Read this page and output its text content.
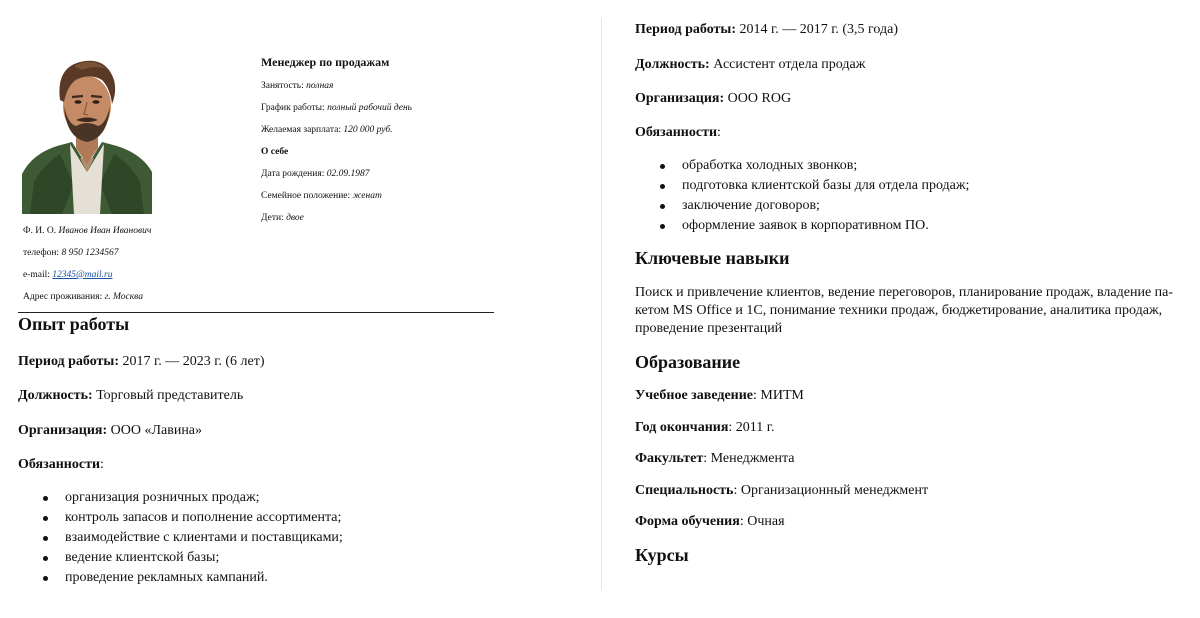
Менеджер по продажам
Занятость: полная
График работы: полный рабочий день
Желаемая зарплата: 120 000 руб.
О себе
Дата рождения: 02.09.1987
Семейное положение: женат
Дети: двое
Ф. И. О. Иванов Иван Иванович
телефон: 8 950 1234567
e-mail: 12345@mail.ru
Адрес проживания: г. Москва
Опыт работы
Период работы: 2017 г. — 2023 г. (6 лет)
Должность: Торговый представитель
Организация: ООО «Лавина»
Обязанности:
организация розничных продаж;
контроль запасов и пополнение ассортимента;
взаимодействие с клиентами и поставщиками;
ведение клиентской базы;
проведение рекламных кампаний.
Период работы: 2014 г. — 2017 г. (3,5 года)
Должность: Ассистент отдела продаж
Организация: ООО ROG
Обязанности:
обработка холодных звонков;
подготовка клиентской базы для отдела продаж;
заключение договоров;
оформление заявок в корпоративном ПО.
Ключевые навыки
Поиск и привлечение клиентов, ведение переговоров, планирование продаж, владение па-
кетом MS Office и 1С, понимание техники продаж, бюджетирование, аналитика продаж,
проведение презентаций
Образование
Учебное заведение: МИТМ
Год окончания: 2011 г.
Факультет: Менеджмента
Специальность: Организационный менеджмент
Форма обучения: Очная
Курсы
